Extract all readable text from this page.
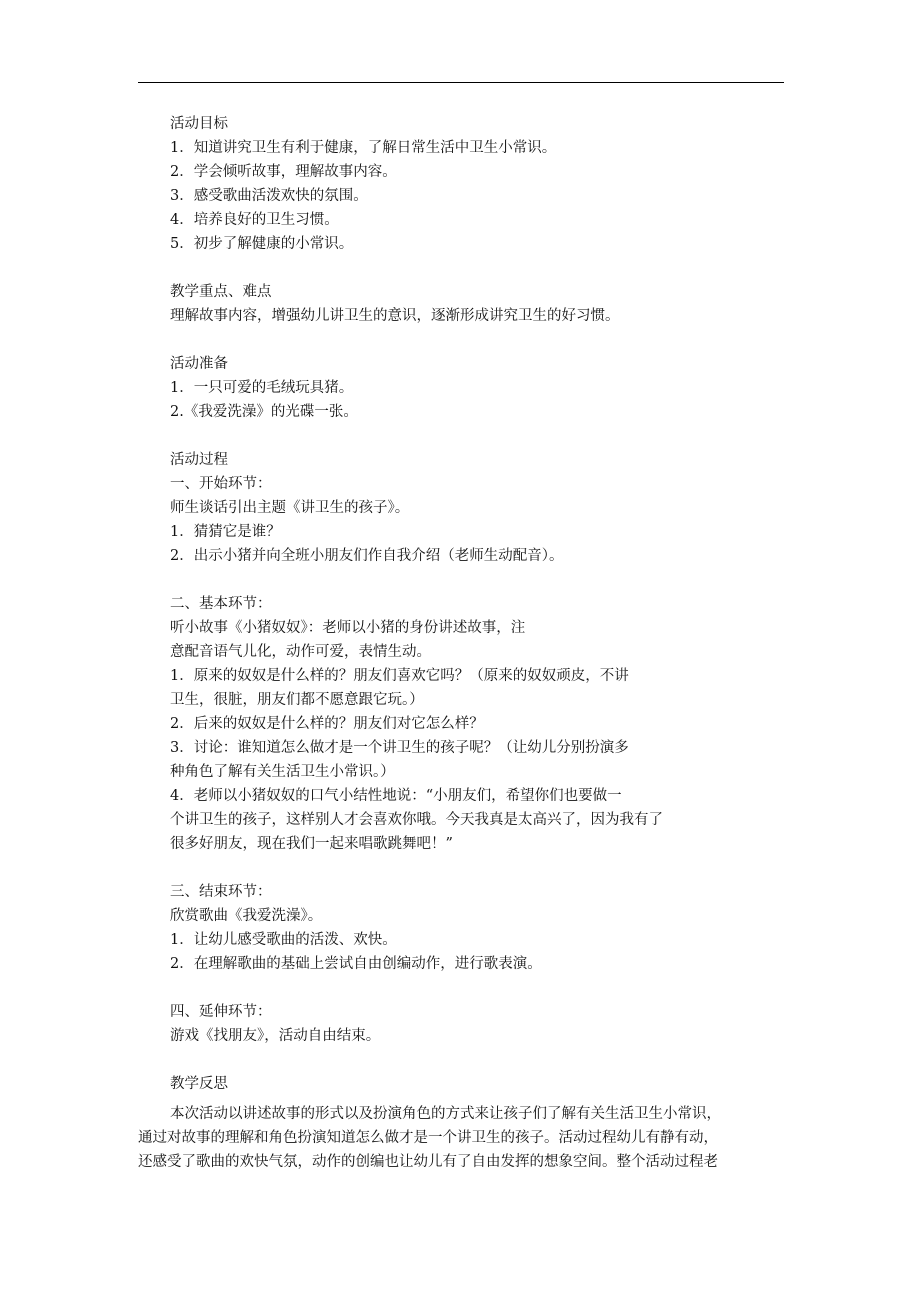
活动目标
1．知道讲究卫生有利于健康，了解日常生活中卫生小常识。
2．学会倾听故事，理解故事内容。
3．感受歌曲活泼欢快的氛围。
4．培养良好的卫生习惯。
5．初步了解健康的小常识。
教学重点、难点
理解故事内容，增强幼儿讲卫生的意识，逐渐形成讲究卫生的好习惯。
活动准备
1．一只可爱的毛绒玩具猪。
2.《我爱洗澡》的光碟一张。
活动过程
一、开始环节：
师生谈话引出主题《讲卫生的孩子》。
1．猜猜它是谁？
2．出示小猪并向全班小朋友们作自我介绍（老师生动配音）。
二、基本环节：
听小故事《小猪奴奴》：老师以小猪的身份讲述故事，注
意配音语气儿化，动作可爱，表情生动。
1．原来的奴奴是什么样的？朋友们喜欢它吗？（原来的奴奴顽皮，不讲
卫生，很脏，朋友们都不愿意跟它玩。）
2．后来的奴奴是什么样的？朋友们对它怎么样？
3．讨论：谁知道怎么做才是一个讲卫生的孩子呢？（让幼儿分别扮演多
种角色了解有关生活卫生小常识。）
4．老师以小猪奴奴的口气小结性地说：“小朋友们，希望你们也要做一
个讲卫生的孩子，这样别人才会喜欢你哦。今天我真是太高兴了，因为我有了
很多好朋友，现在我们一起来唱歌跳舞吧！”
三、结束环节：
欣赏歌曲《我爱洗澡》。
1．让幼儿感受歌曲的活泼、欢快。
2．在理解歌曲的基础上尝试自由创编动作，进行歌表演。
四、延伸环节：
游戏《找朋友》，活动自由结束。
教学反思
本次活动以讲述故事的形式以及扮演角色的方式来让孩子们了解有关生活卫生小常识，
通过对故事的理解和角色扮演知道怎么做才是一个讲卫生的孩子。活动过程幼儿有静有动，
还感受了歌曲的欢快气氛，动作的创编也让幼儿有了自由发挥的想象空间。整个活动过程老
